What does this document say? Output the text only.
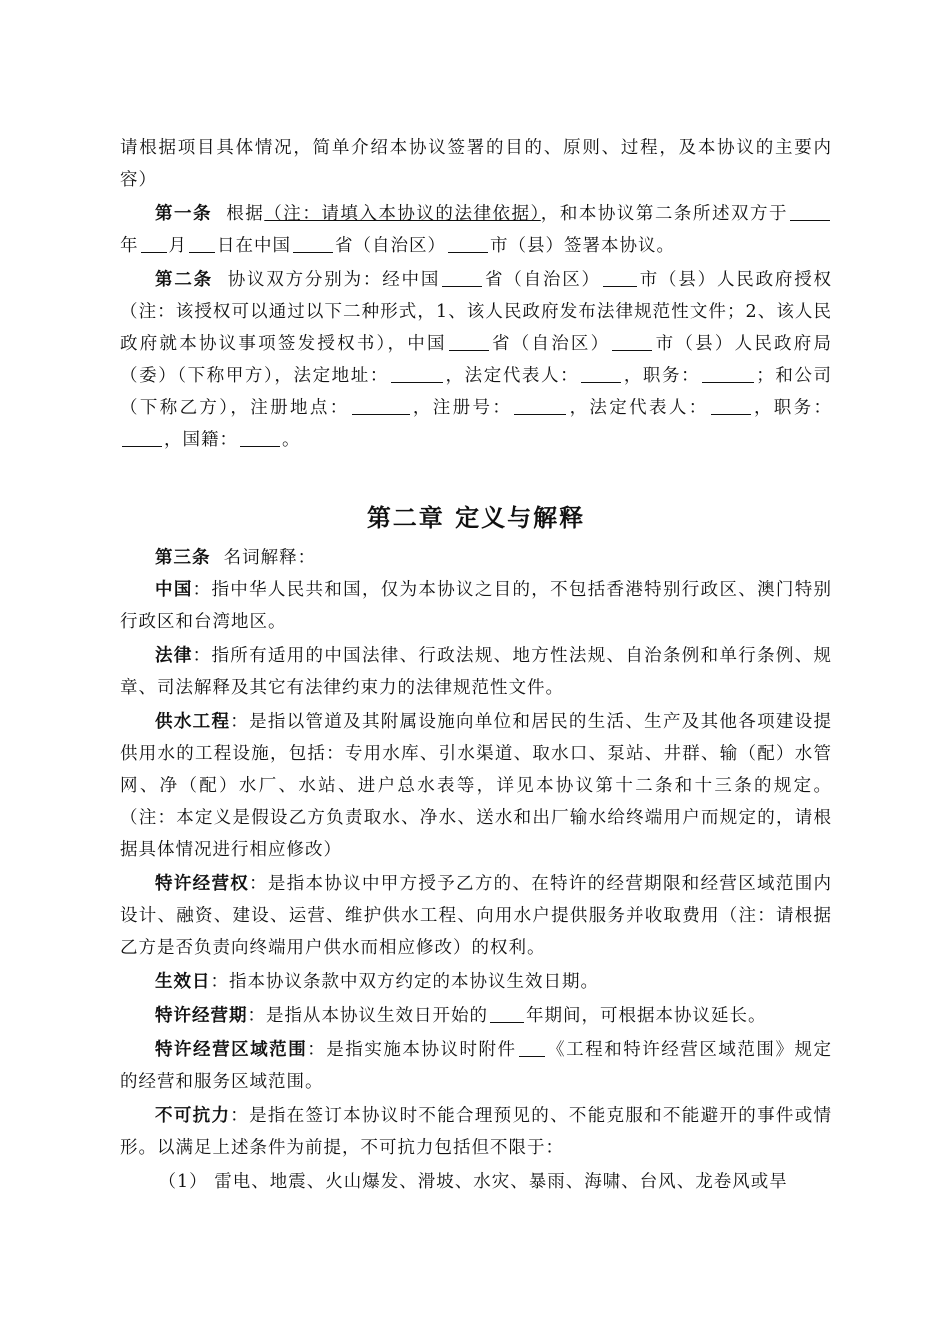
请根据项目具体情况，简单介绍本协议签署的目的、原则、过程，及本协议的主要内容）

第一条 根据（注：请填入本协议的法律依据），和本协议第二条所述双方于年 月 日在中国	省（自治区）	市（县）签署本协议。

第二条 协议双方分别为：经中国	省（自治区） 市（县）人民政府授权（注：该授权可以通过以下二种形式，1、该人民政府发布法律规范性文件；2、该人民政府就本协议事项签发授权书），中国	省（自治区）	市（县）人民政府局（委）（下称甲方），法定地址：	，法定代表人：	，职务：	；和公司（下称乙方），注册地点：	，注册号：	，法定代表人：	，职务：，国籍：	。

第二章 定义与解释

第三条 名词解释：

中国：指中华人民共和国，仅为本协议之目的，不包括香港特别行政区、澳门特别行政区和台湾地区。

法律：指所有适用的中国法律、行政法规、地方性法规、自治条例和单行条例、规章、司法解释及其它有法律约束力的法律规范性文件。

供水工程：是指以管道及其附属设施向单位和居民的生活、生产及其他各项建设提供用水的工程设施，包括：专用水库、引水渠道、取水口、泵站、井群、输（配）水管网、净（配）水厂、水站、进户总水表等，详见本协议第十二条和十三条的规定。（注：本定义是假设乙方负责取水、净水、送水和出厂输水给终端用户而规定的，请根据具体情况进行相应修改）

特许经营权：是指本协议中甲方授予乙方的、在特许的经营期限和经营区域范围内设计、融资、建设、运营、维护供水工程、向用水户提供服务并收取费用（注：请根据乙方是否负责向终端用户供水而相应修改）的权利。

生效日：指本协议条款中双方约定的本协议生效日期。

特许经营期：是指从本协议生效日开始的 年期间，可根据本协议延长。

特许经营区域范围：是指实施本协议时附件 《工程和特许经营区域范围》规定的经营和服务区域范围。

不可抗力：是指在签订本协议时不能合理预见的、不能克服和不能避开的事件或情形。以满足上述条件为前提，不可抗力包括但不限于：

（1） 雷电、地震、火山爆发、滑坡、水灾、暴雨、海啸、台风、龙卷风或旱
